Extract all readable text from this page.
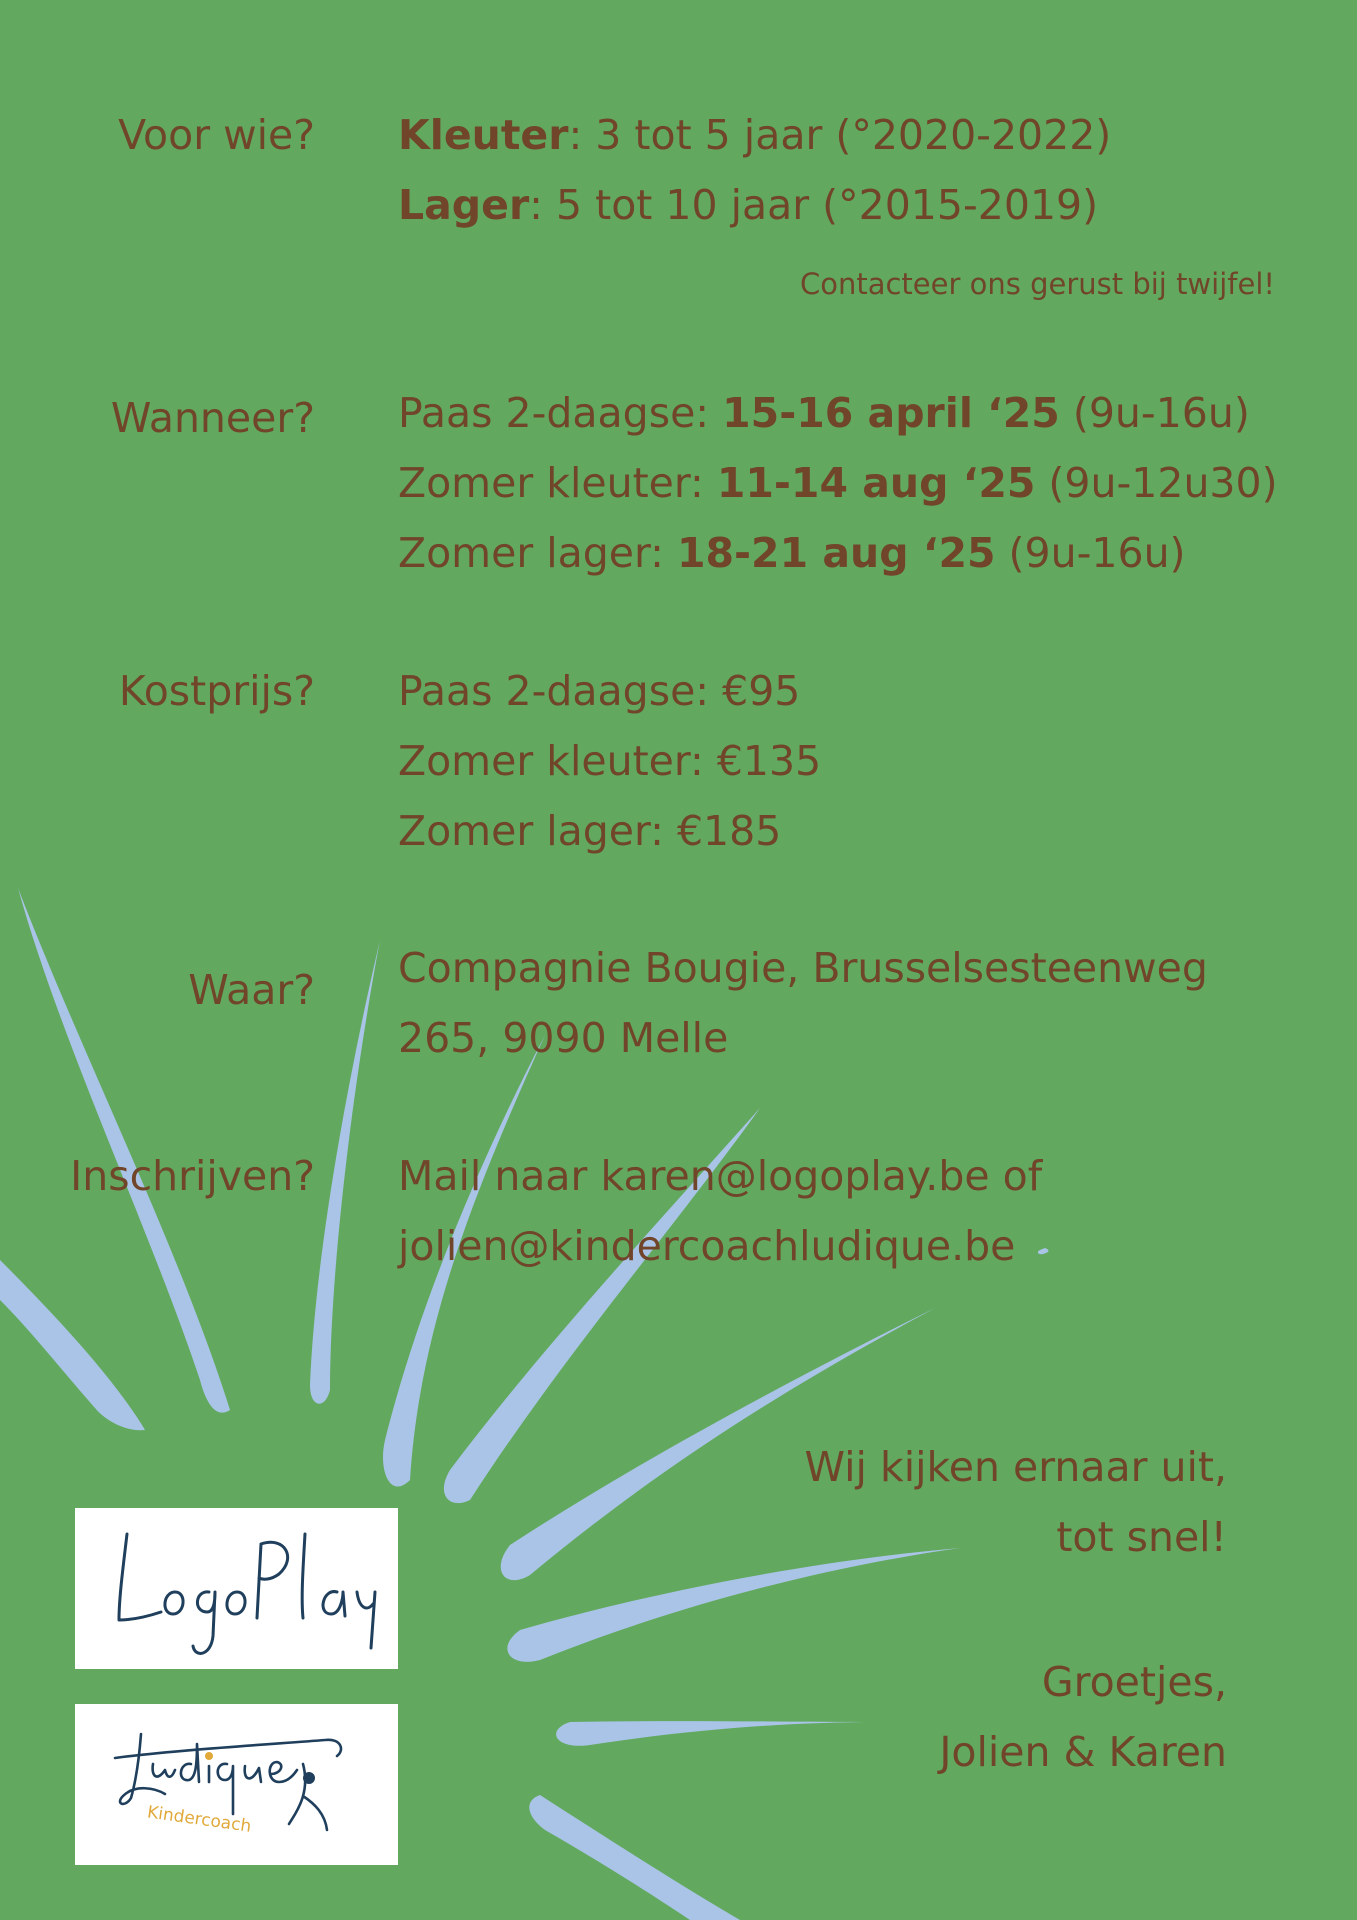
Voor wie? Kleuter: 3 tot 5 jaar (°2020-2022)
Lager: 5 tot 10 jaar (°2015-2019)
Contacteer ons gerust bij twijfel!
Wanneer? Paas 2-daagse: 15-16 april ‘25 (9u-16u)
Zomer kleuter: 11-14 aug ‘25 (9u-12u30)
Zomer lager: 18-21 aug ‘25 (9u-16u)
Kostprijs? Paas 2-daagse: €95
Zomer kleuter: €135
Zomer lager: €185
Waar? Compagnie Bougie, Brusselsesteenweg
265, 9090 Melle
Inschrijven? Mail naar karen@logoplay.be of
jolien@kindercoachludique.be
Wij kijken ernaar uit,
tot snel!
Groetjes,
Jolien & Karen
Kindercoach
